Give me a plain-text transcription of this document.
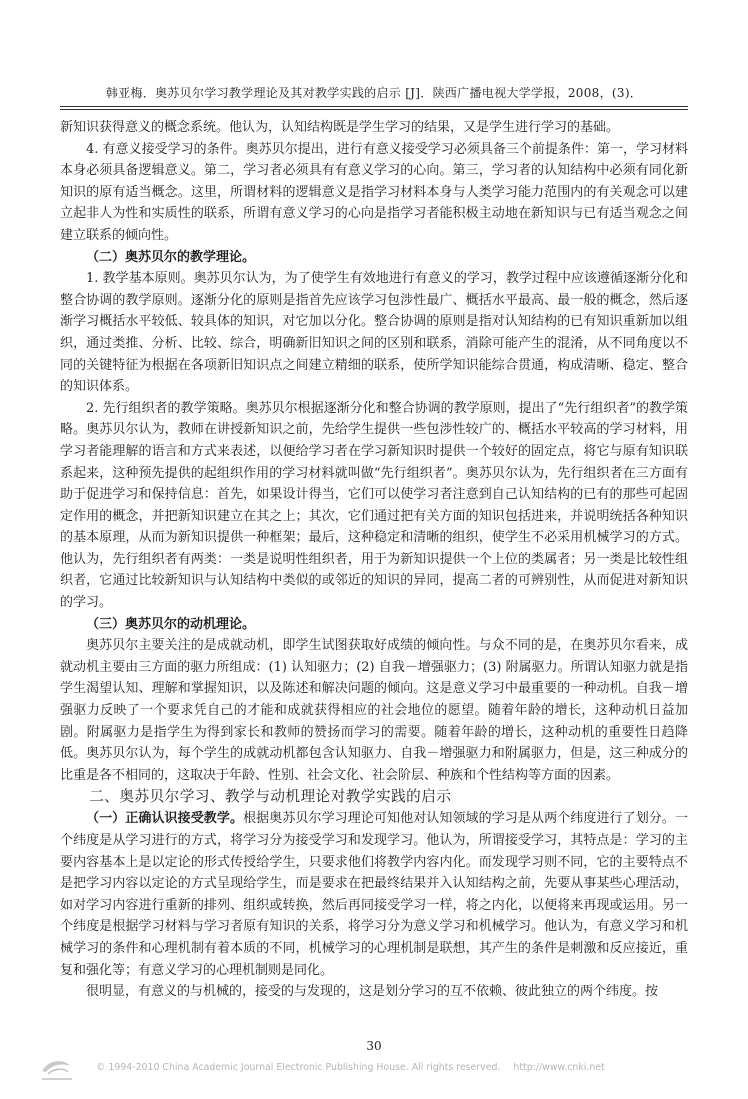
韩亚梅．奥苏贝尔学习教学理论及其对教学实践的启示 [J]．陕西广播电视大学学报，2008，(3)．

新知识获得意义的概念系统。他认为，认知结构既是学生学习的结果，又是学生进行学习的基础。

4. 有意义接受学习的条件。奥苏贝尔提出，进行有意义接受学习必须具备三个前提条件：第一，学习材料本身必须具备逻辑意义。第二，学习者必须具有有意义学习的心向。第三，学习者的认知结构中必须有同化新知识的原有适当概念。这里，所谓材料的逻辑意义是指学习材料本身与人类学习能力范围内的有关观念可以建立起非人为性和实质性的联系，所谓有意义学习的心向是指学习者能积极主动地在新知识与已有适当观念之间建立联系的倾向性。

（二）奥苏贝尔的教学理论。

1. 教学基本原则。奥苏贝尔认为，为了使学生有效地进行有意义的学习，教学过程中应该遵循逐渐分化和整合协调的教学原则。逐渐分化的原则是指首先应该学习包涉性最广、概括水平最高、最一般的概念，然后逐渐学习概括水平较低、较具体的知识，对它加以分化。整合协调的原则是指对认知结构的已有知识重新加以组织，通过类推、分析、比较、综合，明确新旧知识之间的区别和联系，消除可能产生的混淆，从不同角度以不同的关键特征为根据在各项新旧知识点之间建立精细的联系，使所学知识能综合贯通，构成清晰、稳定、整合的知识体系。

2. 先行组织者的教学策略。奥苏贝尔根据逐渐分化和整合协调的教学原则，提出了“先行组织者”的教学策略。奥苏贝尔认为，教师在讲授新知识之前，先给学生提供一些包涉性较广的、概括水平较高的学习材料，用学习者能理解的语言和方式来表述，以便给学习者在学习新知识时提供一个较好的固定点，将它与原有知识联系起来，这种预先提供的起组织作用的学习材料就叫做“先行组织者”。奥苏贝尔认为，先行组织者在三方面有助于促进学习和保持信息：首先，如果设计得当，它们可以使学习者注意到自己认知结构的已有的那些可起固定作用的概念，并把新知识建立在其之上；其次，它们通过把有关方面的知识包括进来，并说明统括各种知识的基本原理，从而为新知识提供一种框架；最后，这种稳定和清晰的组织，使学生不必采用机械学习的方式。他认为，先行组织者有两类：一类是说明性组织者，用于为新知识提供一个上位的类属者；另一类是比较性组织者，它通过比较新知识与认知结构中类似的或邻近的知识的异同，提高二者的可辨别性，从而促进对新知识的学习。

（三）奥苏贝尔的动机理论。

奥苏贝尔主要关注的是成就动机，即学生试图获取好成绩的倾向性。与众不同的是，在奥苏贝尔看来，成就动机主要由三方面的驱力所组成：(1) 认知驱力；(2) 自我－增强驱力；(3) 附属驱力。所谓认知驱力就是指学生渴望认知、理解和掌握知识，以及陈述和解决问题的倾向。这是意义学习中最重要的一种动机。自我－增强驱力反映了一个要求凭自己的才能和成就获得相应的社会地位的愿望。随着年龄的增长，这种动机日益加剧。附属驱力是指学生为得到家长和教师的赞扬而学习的需要。随着年龄的增长，这种动机的重要性日趋降低。奥苏贝尔认为，每个学生的成就动机都包含认知驱力、自我－增强驱力和附属驱力，但是，这三种成分的比重是各不相同的，这取决于年龄、性别、社会文化、社会阶层、种族和个性结构等方面的因素。

二、奥苏贝尔学习、教学与动机理论对教学实践的启示

（一）正确认识接受教学。根据奥苏贝尔学习理论可知他对认知领域的学习是从两个纬度进行了划分。一个纬度是从学习进行的方式，将学习分为接受学习和发现学习。他认为，所谓接受学习，其特点是：学习的主要内容基本上是以定论的形式传授给学生，只要求他们将教学内容内化。而发现学习则不同，它的主要特点不是把学习内容以定论的方式呈现给学生，而是要求在把最终结果并入认知结构之前，先要从事某些心理活动，如对学习内容进行重新的排列、组织或转换，然后再同接受学习一样，将之内化，以便将来再现或运用。另一个纬度是根据学习材料与学习者原有知识的关系，将学习分为意义学习和机械学习。他认为，有意义学习和机械学习的条件和心理机制有着本质的不同，机械学习的心理机制是联想，其产生的条件是刺激和反应接近，重复和强化等；有意义学习的心理机制则是同化。

很明显，有意义的与机械的，接受的与发现的，这是划分学习的互不依赖、彼此独立的两个纬度。按

30
© 1994-2010 China Academic Journal Electronic Publishing House. All rights reserved. http://www.cnki.net
